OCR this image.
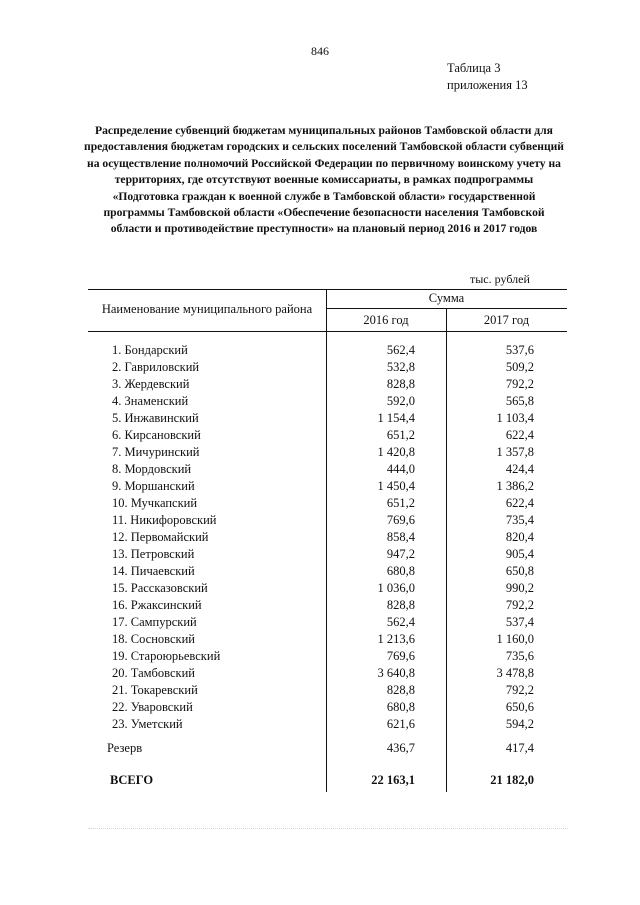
846
Таблица 3
приложения 13
Распределение субвенций бюджетам муниципальных районов Тамбовской области для предоставления бюджетам городских и сельских поселений Тамбовской области субвенций на осуществление полномочий Российской Федерации по первичному воинскому учету на территориях, где отсутствуют военные комиссариаты, в рамках подпрограммы «Подготовка граждан к военной службе в Тамбовской области» государственной программы Тамбовской области «Обеспечение безопасности населения Тамбовской области и противодействие преступности» на плановый период 2016 и 2017 годов
тыс. рублей
Наименование муниципального района
Сумма
2016 год	2017 год
1. Бондарский	562,4	537,6
2. Гавриловский	532,8	509,2
3. Жердевский	828,8	792,2
4. Знаменский	592,0	565,8
5. Инжавинский	1 154,4	1 103,4
6. Кирсановский	651,2	622,4
7. Мичуринский	1 420,8	1 357,8
8. Мордовский	444,0	424,4
9. Моршанский	1 450,4	1 386,2
10. Мучкапский	651,2	622,4
11. Никифоровский	769,6	735,4
12. Первомайский	858,4	820,4
13. Петровский	947,2	905,4
14. Пичаевский	680,8	650,8
15. Рассказовский	1 036,0	990,2
16. Ржаксинский	828,8	792,2
17. Сампурский	562,4	537,4
18. Сосновский	1 213,6	1 160,0
19. Староюрьевский	769,6	735,6
20. Тамбовский	3 640,8	3 478,8
21. Токаревский	828,8	792,2
22. Уваровский	680,8	650,6
23. Уметский	621,6	594,2
Резерв	436,7	417,4
ВСЕГО	22 163,1	21 182,0
